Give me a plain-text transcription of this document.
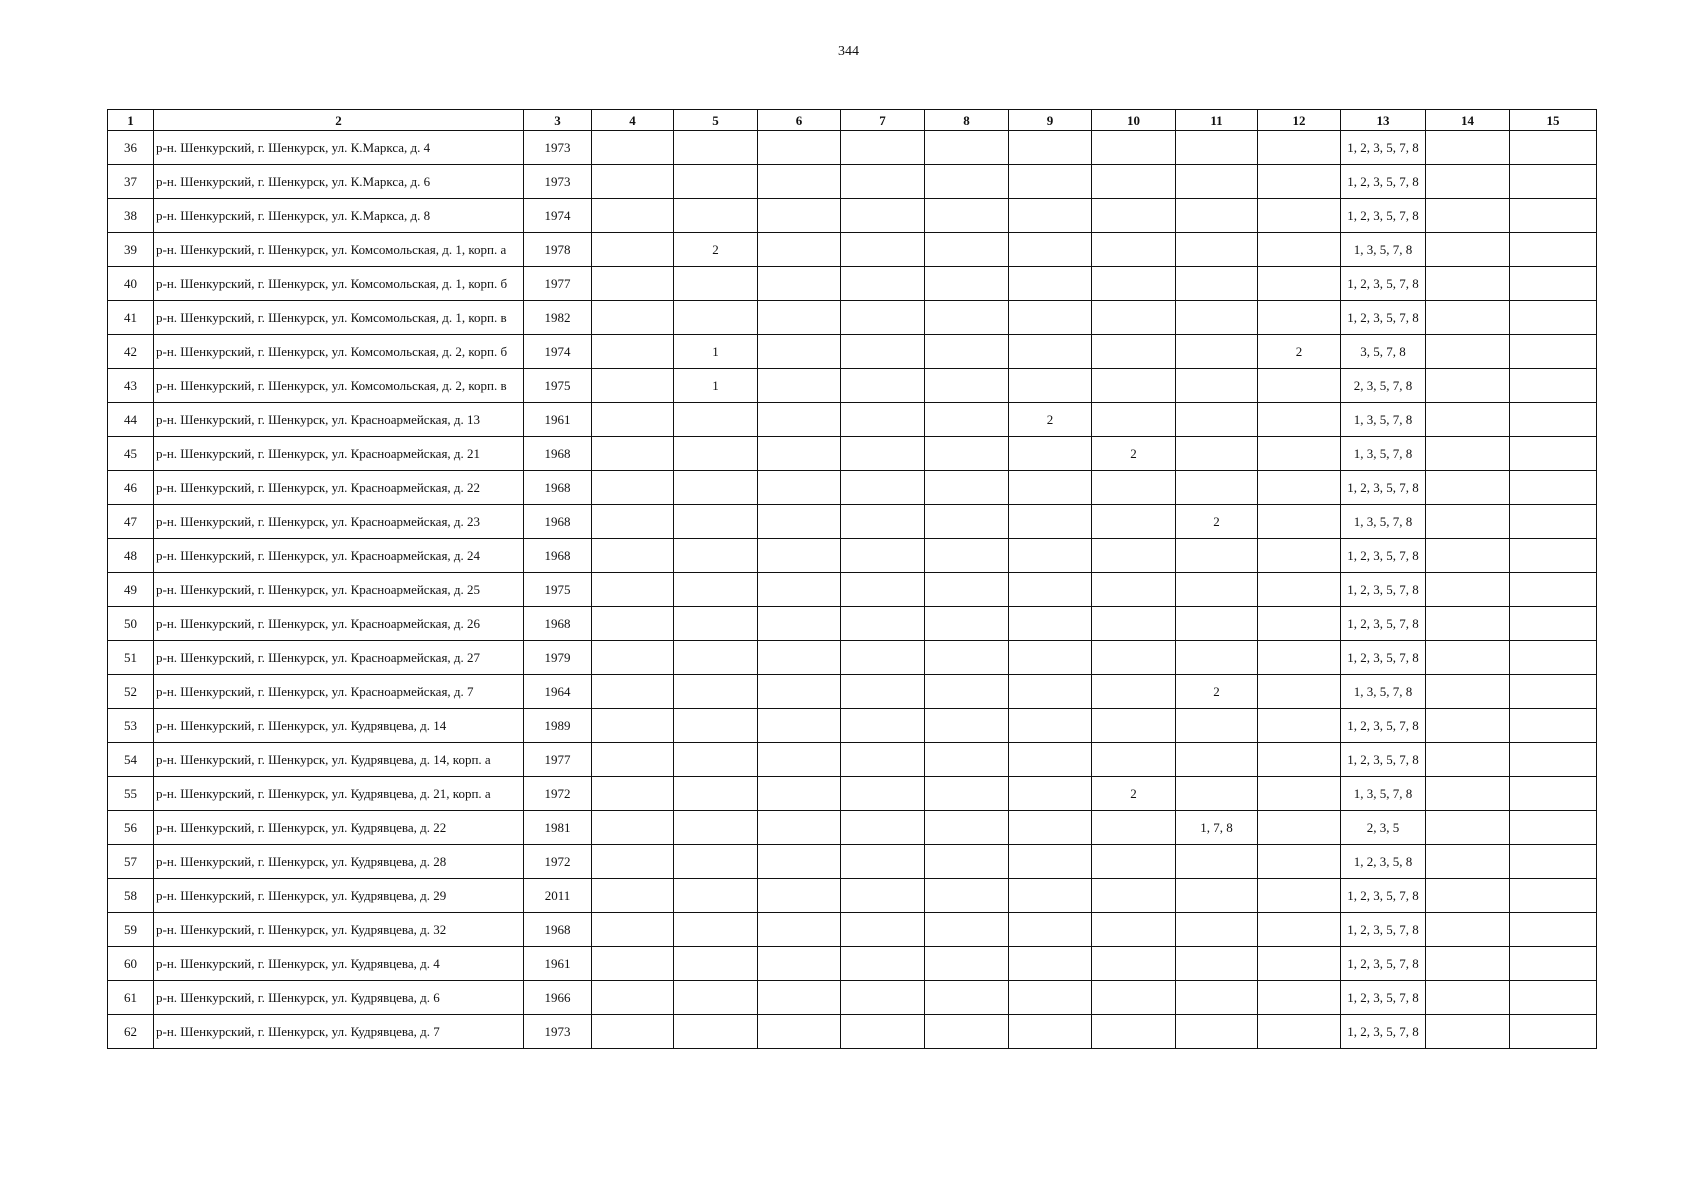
344
1	2	3	4	5	6	7	8	9	10	11	12	13	14	15
36	р-н. Шенкурский, г. Шенкурск, ул. К.Маркса, д. 4	1973										1, 2, 3, 5, 7, 8		
37	р-н. Шенкурский, г. Шенкурск, ул. К.Маркса, д. 6	1973										1, 2, 3, 5, 7, 8		
38	р-н. Шенкурский, г. Шенкурск, ул. К.Маркса, д. 8	1974										1, 2, 3, 5, 7, 8		
39	р-н. Шенкурский, г. Шенкурск, ул. Комсомольская, д. 1, корп. а	1978		2								1, 3, 5, 7, 8		
40	р-н. Шенкурский, г. Шенкурск, ул. Комсомольская, д. 1, корп. б	1977										1, 2, 3, 5, 7, 8		
41	р-н. Шенкурский, г. Шенкурск, ул. Комсомольская, д. 1, корп. в	1982										1, 2, 3, 5, 7, 8		
42	р-н. Шенкурский, г. Шенкурск, ул. Комсомольская, д. 2, корп. б	1974		1							2	3, 5, 7, 8		
43	р-н. Шенкурский, г. Шенкурск, ул. Комсомольская, д. 2, корп. в	1975		1								2, 3, 5, 7, 8		
44	р-н. Шенкурский, г. Шенкурск, ул. Красноармейская, д. 13	1961						2				1, 3, 5, 7, 8		
45	р-н. Шенкурский, г. Шенкурск, ул. Красноармейская, д. 21	1968							2			1, 3, 5, 7, 8		
46	р-н. Шенкурский, г. Шенкурск, ул. Красноармейская, д. 22	1968										1, 2, 3, 5, 7, 8		
47	р-н. Шенкурский, г. Шенкурск, ул. Красноармейская, д. 23	1968								2		1, 3, 5, 7, 8		
48	р-н. Шенкурский, г. Шенкурск, ул. Красноармейская, д. 24	1968										1, 2, 3, 5, 7, 8		
49	р-н. Шенкурский, г. Шенкурск, ул. Красноармейская, д. 25	1975										1, 2, 3, 5, 7, 8		
50	р-н. Шенкурский, г. Шенкурск, ул. Красноармейская, д. 26	1968										1, 2, 3, 5, 7, 8		
51	р-н. Шенкурский, г. Шенкурск, ул. Красноармейская, д. 27	1979										1, 2, 3, 5, 7, 8		
52	р-н. Шенкурский, г. Шенкурск, ул. Красноармейская, д. 7	1964								2		1, 3, 5, 7, 8		
53	р-н. Шенкурский, г. Шенкурск, ул. Кудрявцева, д. 14	1989										1, 2, 3, 5, 7, 8		
54	р-н. Шенкурский, г. Шенкурск, ул. Кудрявцева, д. 14, корп. а	1977										1, 2, 3, 5, 7, 8		
55	р-н. Шенкурский, г. Шенкурск, ул. Кудрявцева, д. 21, корп. а	1972							2			1, 3, 5, 7, 8		
56	р-н. Шенкурский, г. Шенкурск, ул. Кудрявцева, д. 22	1981								1, 7, 8		2, 3, 5		
57	р-н. Шенкурский, г. Шенкурск, ул. Кудрявцева, д. 28	1972										1, 2, 3, 5, 8		
58	р-н. Шенкурский, г. Шенкурск, ул. Кудрявцева, д. 29	2011										1, 2, 3, 5, 7, 8		
59	р-н. Шенкурский, г. Шенкурск, ул. Кудрявцева, д. 32	1968										1, 2, 3, 5, 7, 8		
60	р-н. Шенкурский, г. Шенкурск, ул. Кудрявцева, д. 4	1961										1, 2, 3, 5, 7, 8		
61	р-н. Шенкурский, г. Шенкурск, ул. Кудрявцева, д. 6	1966										1, 2, 3, 5, 7, 8		
62	р-н. Шенкурский, г. Шенкурск, ул. Кудрявцева, д. 7	1973										1, 2, 3, 5, 7, 8		
